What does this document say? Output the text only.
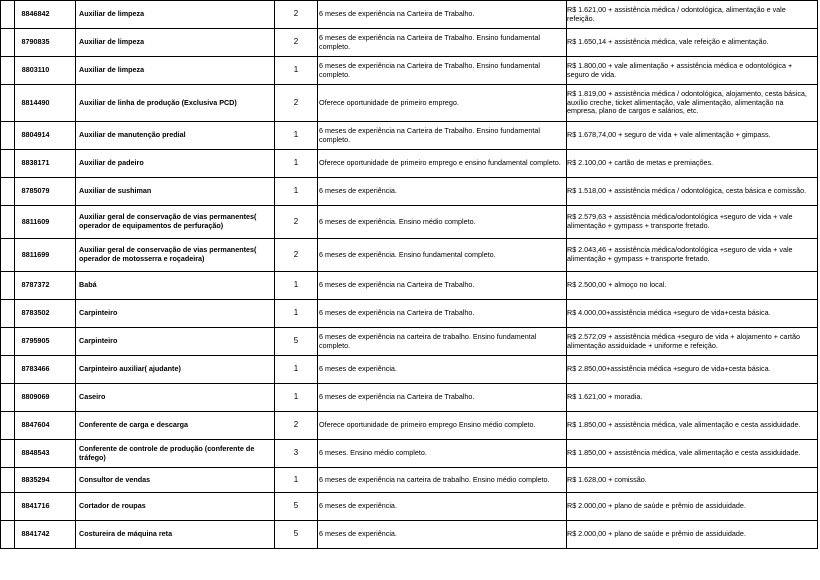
	8846842	Auxiliar de limpeza	2	6 meses de experiência na Carteira de Trabalho.	R$ 1.621,00 + assistência médica / odontológica, alimentação e vale refeição.
	8790835	Auxiliar de limpeza	2	6 meses de experiência na Carteira de Trabalho. Ensino fundamental completo.	R$ 1.650,14 + assistência médica, vale refeição e alimentação.
	8803110	Auxiliar de limpeza	1	6 meses de experiência na Carteira de Trabalho. Ensino fundamental completo.	R$ 1.800,00 + vale alimentação + assistência médica e odontológica + seguro de vida.
	8814490	Auxiliar de linha de produção (Exclusiva PCD)	2	Oferece oportunidade de primeiro emprego.	R$ 1.819,00 + assistência médica / odontológica, alojamento, cesta básica, auxílio creche, ticket alimentação, vale alimentação, alimentação na empresa, plano de cargos e salários, etc.
	8804914	Auxiliar de manutenção predial	1	6 meses de experiência na Carteira de Trabalho. Ensino fundamental completo.	R$ 1.678,74,00 + seguro de vida + vale alimentação + gimpass.
	8838171	Auxiliar de padeiro	1	Oferece oportunidade de primeiro emprego e ensino fundamental completo.	R$ 2.100,00 + cartão de metas e premiações.
	8785079	Auxiliar de sushiman	1	6 meses de experiência.	R$ 1.518,00 + assistência médica / odontológica, cesta básica e comissão.
	8811609	Auxiliar geral de conservação de vias permanentes( operador de equipamentos de perfuração)	2	6 meses de experiência. Ensino médio completo.	R$ 2.579,63 + assistência médica/odontológica +seguro de vida + vale alimentação + gympass + transporte fretado.
	8811699	Auxiliar geral de conservação de vias permanentes( operador de motosserra e roçadeira)	2	6 meses de experiência. Ensino fundamental completo.	R$ 2.043,46 + assistência médica/odontológica +seguro de vida + vale alimentação + gympass + transporte fretado.
	8787372	Babá	1	6 meses de experiência na Carteira de Trabalho.	R$ 2.500,00 + almoço no local.
	8783502	Carpinteiro	1	6 meses de experiência na Carteira de Trabalho.	R$ 4.000,00+assistência médica +seguro de vida+cesta básica.
	8795905	Carpinteiro	5	6 meses de experiência na carteira de trabalho. Ensino fundamental completo.	R$ 2.572,09 + assistência médica +seguro de vida + alojamento + cartão alimentação assiduidade + uniforme e refeição.
	8783466	Carpinteiro auxiliar( ajudante)	1	6 meses de experiência.	R$ 2.850,00+assistência médica +seguro de vida+cesta básica.
	8809069	Caseiro	1	6 meses de experiência na Carteira de Trabalho.	R$ 1.621,00 + moradia.
	8847604	Conferente de carga e descarga	2	Oferece oportunidade de primeiro emprego Ensino médio completo.	R$ 1.850,00 + assistência médica, vale alimentação e cesta assiduidade.
	8848543	Conferente de controle de produção (conferente de tráfego)	3	6 meses. Ensino médio completo.	R$ 1.850,00 + assistência médica, vale alimentação e cesta assiduidade.
	8835294	Consultor de vendas	1	6 meses de experiência na carteira de trabalho. Ensino médio completo.	R$ 1.628,00 + comissão.
	8841716	Cortador de roupas	5	6 meses de experiência.	R$ 2.000,00 + plano de saúde e prêmio de assiduidade.
	8841742	Costureira de máquina reta	5	6 meses de experiência.	R$ 2.000,00 + plano de saúde e prêmio de assiduidade.
